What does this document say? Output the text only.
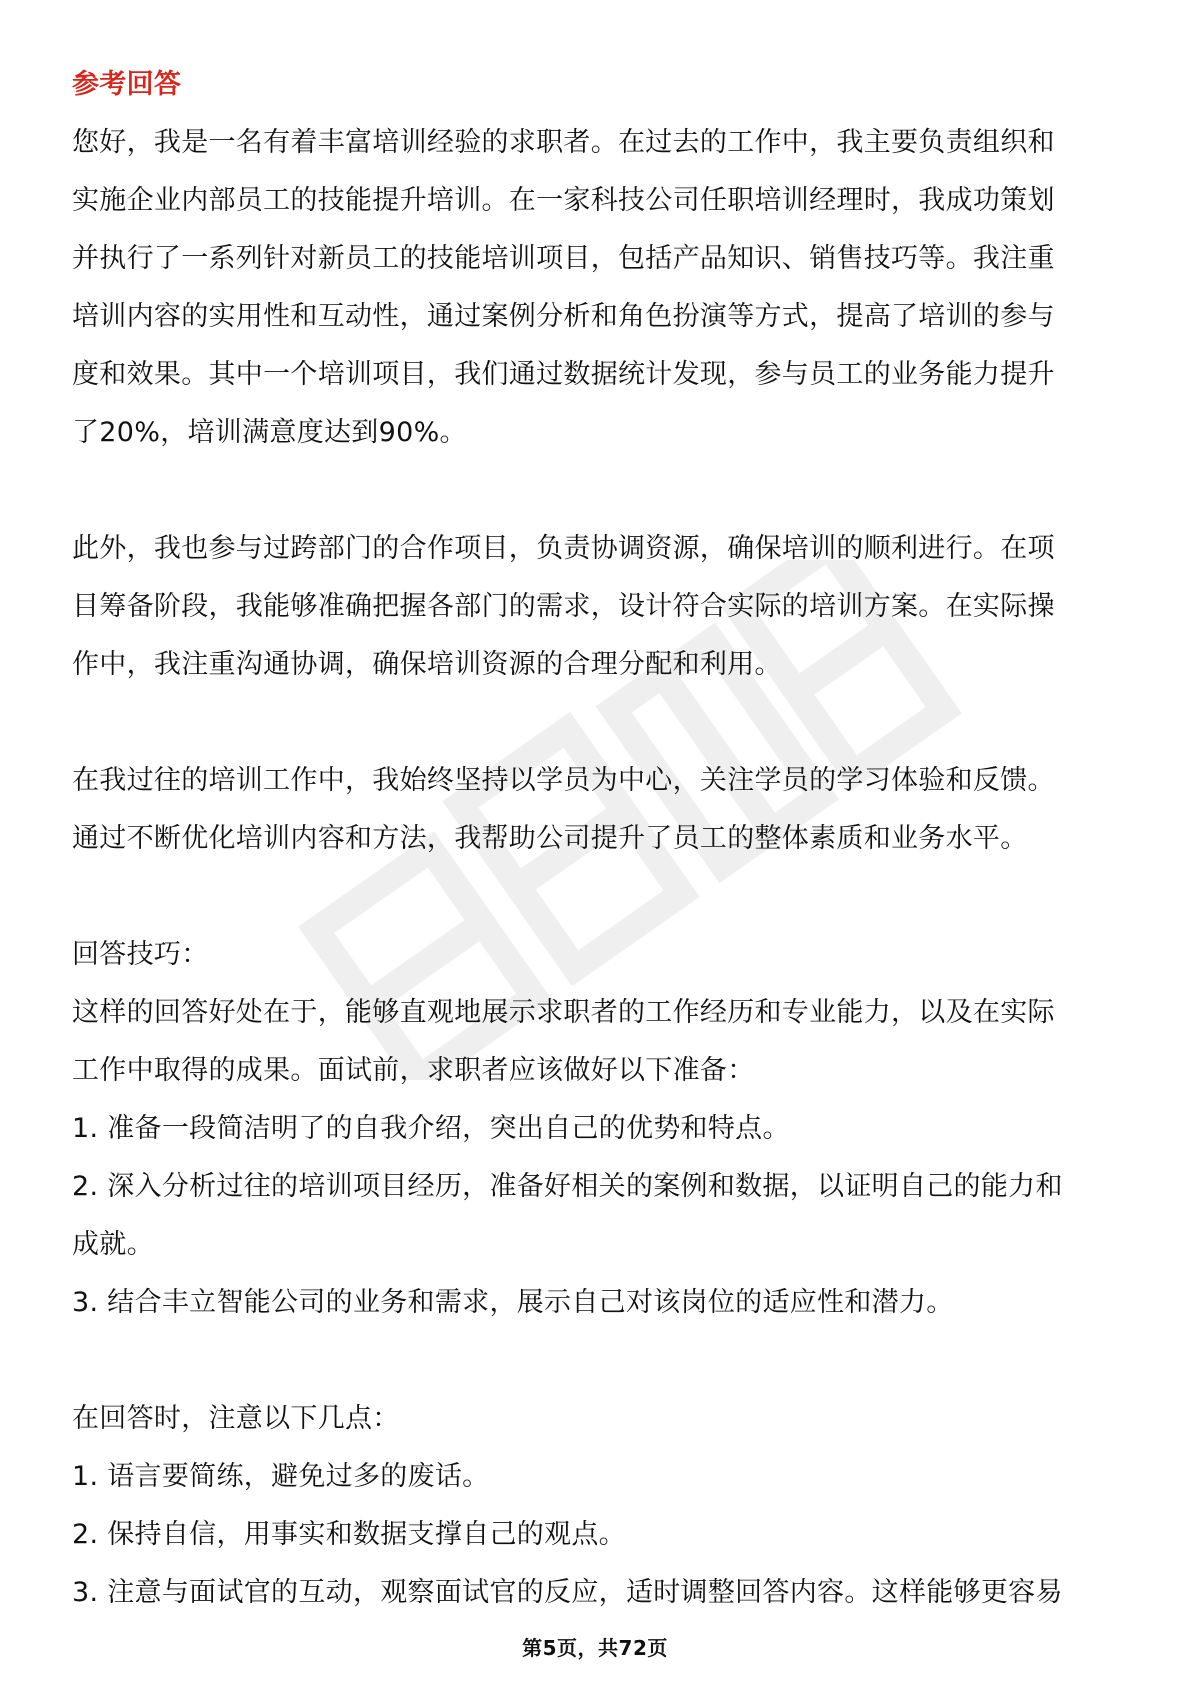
参考回答
您好，我是一名有着丰富培训经验的求职者。在过去的工作中，我主要负责组织和
实施企业内部员工的技能提升培训。在一家科技公司任职培训经理时，我成功策划
并执行了一系列针对新员工的技能培训项目，包括产品知识、销售技巧等。我注重
培训内容的实用性和互动性，通过案例分析和角色扮演等方式，提高了培训的参与
度和效果。其中一个培训项目，我们通过数据统计发现，参与员工的业务能力提升
了20%，培训满意度达到90%。
此外，我也参与过跨部门的合作项目，负责协调资源，确保培训的顺利进行。在项
目筹备阶段，我能够准确把握各部门的需求，设计符合实际的培训方案。在实际操
作中，我注重沟通协调，确保培训资源的合理分配和利用。
在我过往的培训工作中，我始终坚持以学员为中心，关注学员的学习体验和反馈。
通过不断优化培训内容和方法，我帮助公司提升了员工的整体素质和业务水平。
回答技巧：
这样的回答好处在于，能够直观地展示求职者的工作经历和专业能力，以及在实际
工作中取得的成果。面试前，求职者应该做好以下准备：
1. 准备一段简洁明了的自我介绍，突出自己的优势和特点。
2. 深入分析过往的培训项目经历，准备好相关的案例和数据，以证明自己的能力和
成就。
3. 结合丰立智能公司的业务和需求，展示自己对该岗位的适应性和潜力。
在回答时，注意以下几点：
1. 语言要简练，避免过多的废话。
2. 保持自信，用事实和数据支撑自己的观点。
3. 注意与面试官的互动，观察面试官的反应，适时调整回答内容。这样能够更容易
第5页，共72页
